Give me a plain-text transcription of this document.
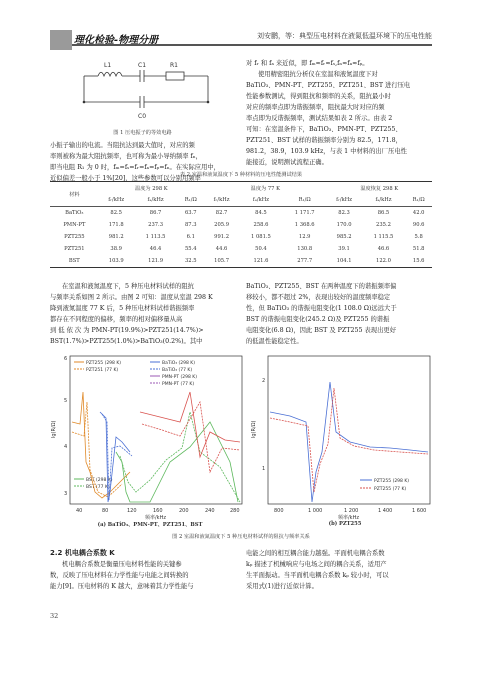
理化检验-物理分册	刘安鹏，等：典型压电材料在液氮低温环境下的压电性能
L1	C1	R1
C0
图 1 压电振子的等效电路
小振子输出的电流。当阻抗达到最大值时，对应的频
率则被称为最大阻抗频率，也可称为最小导纳频率 fₙ，
即当电阻 R₁ 为 0 时，fₘ=fₛ=fᵣ=fₐ=fₚ=fₙ。在实际应用中，
近似偏差一般小于 1%[20]，这些参数可以分别用频率
对 fᵣ 和 fₐ 来近似，即 fₘ≈fᵣ≈fₛ,fₙ≈fₐ≈fₚ。
使用精密阻抗分析仪在室温和液氮温度下对
BaTiO₃、PMN-PT、PZT255、PZT251、BST 进行压电
性能参数测试，得到阻抗和频率的关系，阻抗最小时
对应的频率点即为谐振频率，阻抗最大时对应的频
率点即为反谐振频率，测试结果如表 2 所示。由表 2
可知：在室温条件下，BaTiO₃、PMN-PT、PZT255、
PZT251、BST 试样的谐振频率分别为 82.5，171.8，
981.2，38.9，103.9 kHz，与表 1 中材料的出厂压电性
能接近，说明测试流程正确。
表 2 室温和液氮温度下 5 种材料的压电性能测试结果
材料	温度为 298 K			温度为 77 K			温度恢复 298 K		
	fᵣ/kHz	fₐ/kHz	R₁/Ω	fᵣ/kHz	fₐ/kHz	R₁/Ω	fᵣ/kHz	fₐ/kHz	R₁/Ω
BaTiO₃	82.5	86.7	63.7	82.7	84.5	1 171.7	82.3	86.5	42.0
PMN-PT	171.8	237.3	87.3	205.9	258.6	1 368.6	170.0	235.2	90.6
PZT255	981.2	1 113.5	6.1	991.2	1 081.5	12.9	985.2	1 115.5	5.8
PZT251	38.9	46.4	55.4	44.6	50.4	130.8	39.1	46.6	51.8
BST	103.9	121.9	32.5	105.7	121.6	277.7	104.1	122.0	15.6
在室温和液氮温度下，5 种压电材料试样的阻抗
与频率关系如图 2 所示。由图 2 可知：温度从室温 298 K
降到液氮温度 77 K 后，5 种压电材料试样谐振频率
都存在不同程度的偏移，频率的相对偏移量从高
到 低 依 次 为 PMN-PT(19.9%)>PZT251(14.7%)>
BST(1.7%)>PZT255(1.0%)>BaTiO₃(0.2%)。其中
BaTiO₃、PZT255、BST 在两种温度下的谐振频率偏
移较小，都不超过 2%，表现出较好的温度频率稳定
性，但 BaTiO₃ 的谐振电阻变化(1 108.0 Ω)远远大于
BST 的谐振电阻变化(245.2 Ω)及 PZT255 的谐振
电阻变化(6.8 Ω)，因此 BST 及 PZT255 表现出更好
的低温性能稳定性。
3
4
5
6
lg(R/Ω)
40	80	120	160	200	240	280
频率/kHz
PZT255 (298 K)
PZT251 (77 K)
BaTiO₃ (298 K)
BaTiO₃ (77 K)
PMN-PT (298 K)
PMN-PT (77 K)
BST (298 K)
BST (77 K)
(a) BaTiO₃、PMN-PT、PZT251、BST
1
2
lg(R/Ω)
800	1 000	1 200	1 400	1 600
频率/kHz
PZT255 (298 K)
PZT255 (77 K)
(b) PZT255
图 2 室温和液氮温度下 5 种压电材料试样的阻抗与频率关系
2.2 机电耦合系数 K
机电耦合系数是衡量压电材料性能的关键参
数，反映了压电材料在力学性能与电能之间转换的
能力[9]。压电材料的 K 越大，意味着其力学性能与
电能之间的相互耦合能力越强。平面机电耦合系数
kₚ 描述了机械响应与电场之间的耦合关系，适用产
生平面振动。当平面机电耦合系数 kₚ 较小时，可以
采用式(1)进行近似计算。
32
